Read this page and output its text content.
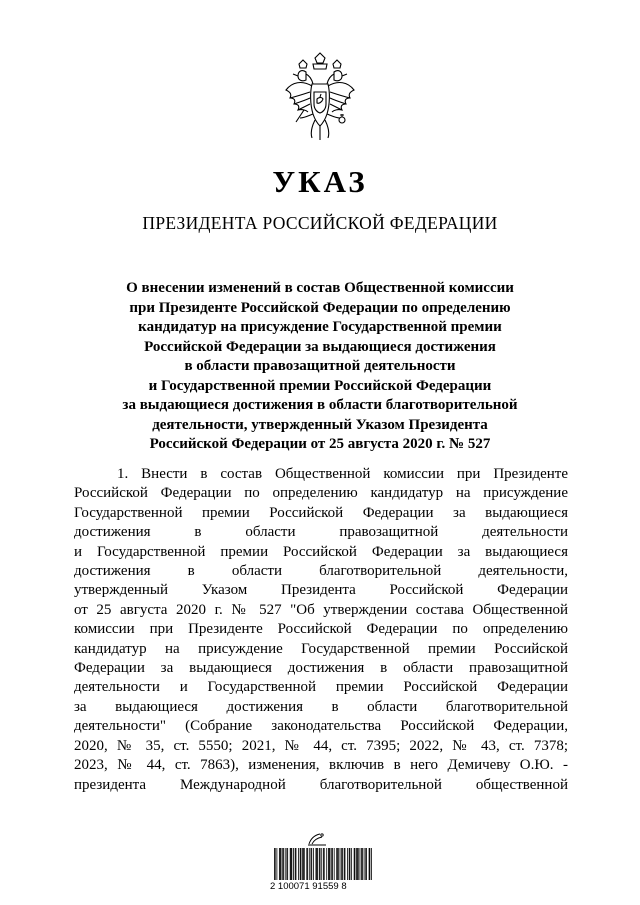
УКАЗ
ПРЕЗИДЕНТА РОССИЙСКОЙ ФЕДЕРАЦИИ
О внесении изменений в состав Общественной комиссии
при Президенте Российской Федерации по определению
кандидатур на присуждение Государственной премии
Российской Федерации за выдающиеся достижения
в области правозащитной деятельности
и Государственной премии Российской Федерации
за выдающиеся достижения в области благотворительной
деятельности, утвержденный Указом Президента
Российской Федерации от 25 августа 2020 г. № 527
1. Внести в состав Общественной комиссии при Президенте
Российской Федерации по определению кандидатур на присуждение
Государственной премии Российской Федерации за выдающиеся
достижения в области правозащитной деятельности
и Государственной премии Российской Федерации за выдающиеся
достижения в области благотворительной деятельности,
утвержденный Указом Президента Российской Федерации
от 25 августа 2020 г. № 527 "Об утверждении состава Общественной
комиссии при Президенте Российской Федерации по определению
кандидатур на присуждение Государственной премии Российской
Федерации за выдающиеся достижения в области правозащитной
деятельности и Государственной премии Российской Федерации
за выдающиеся достижения в области благотворительной
деятельности" (Собрание законодательства Российской Федерации,
2020, № 35, ст. 5550; 2021, № 44, ст. 7395; 2022, № 43, ст. 7378;
2023, № 44, ст. 7863), изменения, включив в него Демичеву О.Ю. -
президента Международной благотворительной общественной
2 100071 91559 8
